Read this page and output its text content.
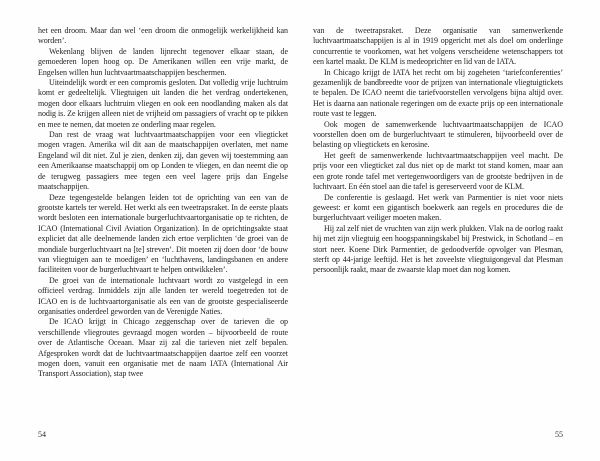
het een droom. Maar dan wel ‘een droom die onmogelijk werkelijkheid kan worden’.

Wekenlang blijven de landen lijnrecht tegenover elkaar staan, de gemoederen lopen hoog op. De Amerikanen willen een vrije markt, de Engelsen willen hun luchtvaartmaatschappijen beschermen.

Uiteindelijk wordt er een compromis gesloten. Dat volledig vrije luchtruim komt er gedeeltelijk. Vliegtuigen uit landen die het verdrag ondertekenen, mogen door elkaars luchtruim vliegen en ook een noodlanding maken als dat nodig is. Ze krijgen alleen niet de vrijheid om passagiers of vracht op te pikken en mee te nemen, dat moeten ze onderling maar regelen.

Dan rest de vraag wat luchtvaartmaatschappijen voor een vliegticket mogen vragen. Amerika wil dit aan de maatschappijen overlaten, met name Engeland wil dit niet. Zul je zien, denken zij, dan geven wij toestemming aan een Amerikaanse maatschappij om op Londen te vliegen, en dan neemt die op de terugweg passagiers mee tegen een veel lagere prijs dan Engelse maatschappijen.

Deze tegengestelde belangen leiden tot de oprichting van een van de grootste kartels ter wereld. Het werkt als een tweetrapsraket. In de eerste plaats wordt besloten een internationale burgerluchtvaartorganisatie op te richten, de ICAO (International Civil Aviation Organization). In de oprichtingsakte staat expliciet dat alle deelnemende landen zich ertoe verplichten ‘de groei van de mondiale burgerluchtvaart na [te] streven’. Dit moeten zij doen door ‘de bouw van vliegtuigen aan te moedigen’ en ‘luchthavens, landingsbanen en andere faciliteiten voor de burgerluchtvaart te helpen ontwikkelen’.

De groei van de internationale luchtvaart wordt zo vastgelegd in een officieel verdrag. Inmiddels zijn alle landen ter wereld toegetreden tot de ICAO en is de luchtvaartorganisatie als een van de grootste gespecialiseerde organisaties onderdeel geworden van de Verenigde Naties.

De ICAO krijgt in Chicago zeggenschap over de tarieven die op verschillende vliegroutes gevraagd mogen worden – bijvoorbeeld de route over de Atlantische Oceaan. Maar zij zal die tarieven niet zelf bepalen. Afgesproken wordt dat de luchtvaartmaatschappijen daartoe zelf een voorzet mogen doen, vanuit een organisatie met de naam IATA (International Air Transport Association), stap twee

54

van de tweetrapsraket. Deze organisatie van samenwerkende luchtvaartmaatschappijen is al in 1919 opgericht met als doel om onderlinge concurrentie te voorkomen, wat het volgens verscheidene wetenschappers tot een kartel maakt. De KLM is medeoprichter en lid van de IATA.

In Chicago krijgt de IATA het recht om bij zogeheten ‘tariefconferenties’ gezamenlijk de bandbreedte voor de prijzen van internationale vliegtuigtickets te bepalen. De ICAO neemt die tariefvoorstellen vervolgens bijna altijd over. Het is daarna aan nationale regeringen om de exacte prijs op een internationale route vast te leggen.

Ook mogen de samenwerkende luchtvaartmaatschappijen de ICAO voorstellen doen om de burgerluchtvaart te stimuleren, bijvoorbeeld over de belasting op vliegtickets en kerosine.

Het geeft de samenwerkende luchtvaartmaatschappijen veel macht. De prijs voor een vliegticket zal dus niet op de markt tot stand komen, maar aan een grote ronde tafel met vertegenwoordigers van de grootste bedrijven in de luchtvaart. En één stoel aan die tafel is gereserveerd voor de KLM.

De conferentie is geslaagd. Het werk van Parmentier is niet voor niets geweest: er komt een gigantisch boekwerk aan regels en procedures die de burgerluchtvaart veiliger moeten maken.

Hij zal zelf niet de vruchten van zijn werk plukken. Vlak na de oorlog raakt hij met zijn vliegtuig een hoogspanningskabel bij Prestwick, in Schotland – en stort neer. Koene Dirk Parmentier, de gedoodverfde opvolger van Plesman, sterft op 44-jarige leeftijd. Het is het zoveelste vliegtuigongeval dat Plesman persoonlijk raakt, maar de zwaarste klap moet dan nog komen.

55
